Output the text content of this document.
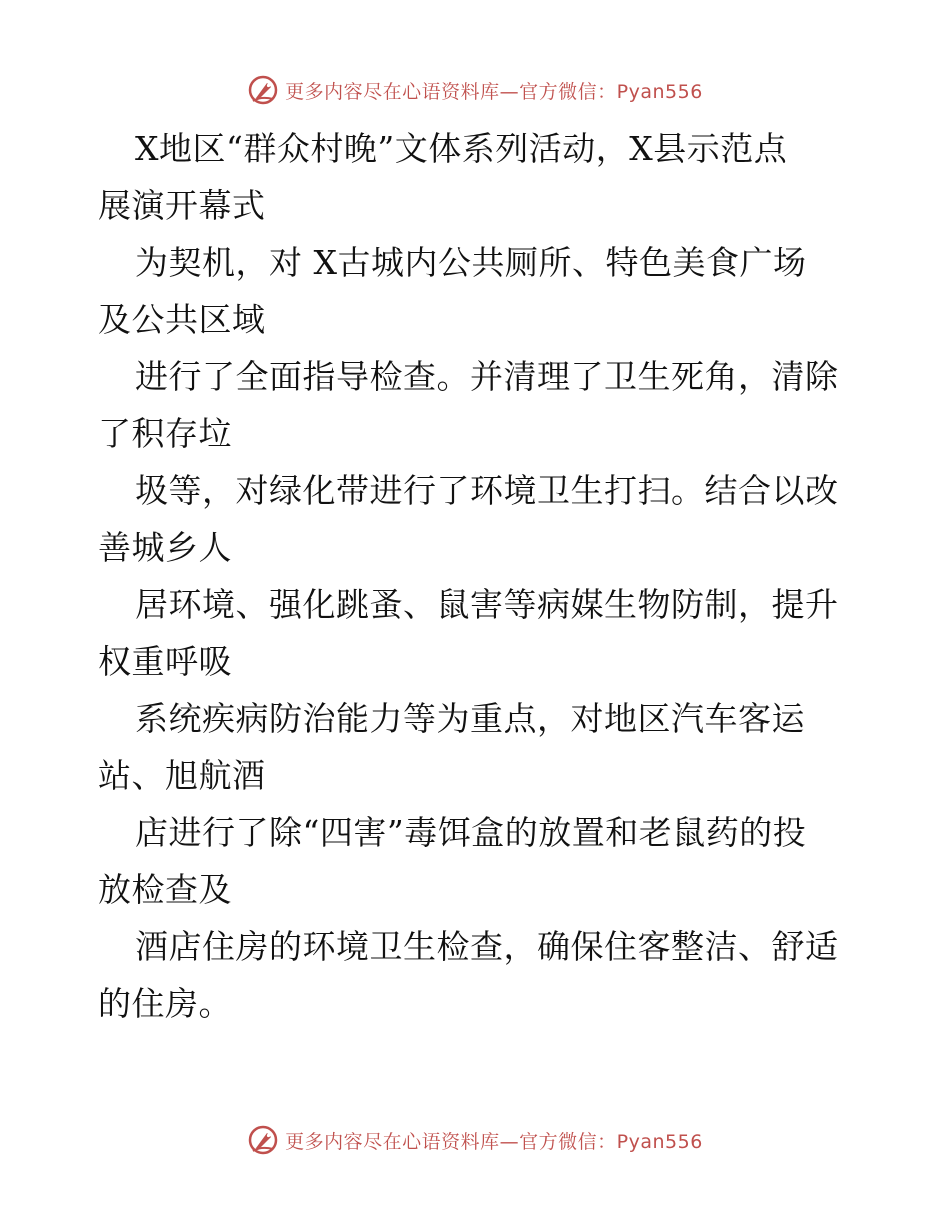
更多内容尽在心语资料库—官方微信：Pyan556

X地区“群众村晚”文体系列活动，X县示范点
展演开幕式

为契机，对 X古城内公共厕所、特色美食广场
及公共区域

进行了全面指导检查。并清理了卫生死角，清除
了积存垃

圾等，对绿化带进行了环境卫生打扫。结合以改
善城乡人

居环境、强化跳蚤、鼠害等病媒生物防制，提升
权重呼吸

系统疾病防治能力等为重点，对地区汽车客运
站、旭航酒

店进行了除“四害”毒饵盒的放置和老鼠药的投
放检查及

酒店住房的环境卫生检查，确保住客整洁、舒适
的住房。

更多内容尽在心语资料库—官方微信：Pyan556
